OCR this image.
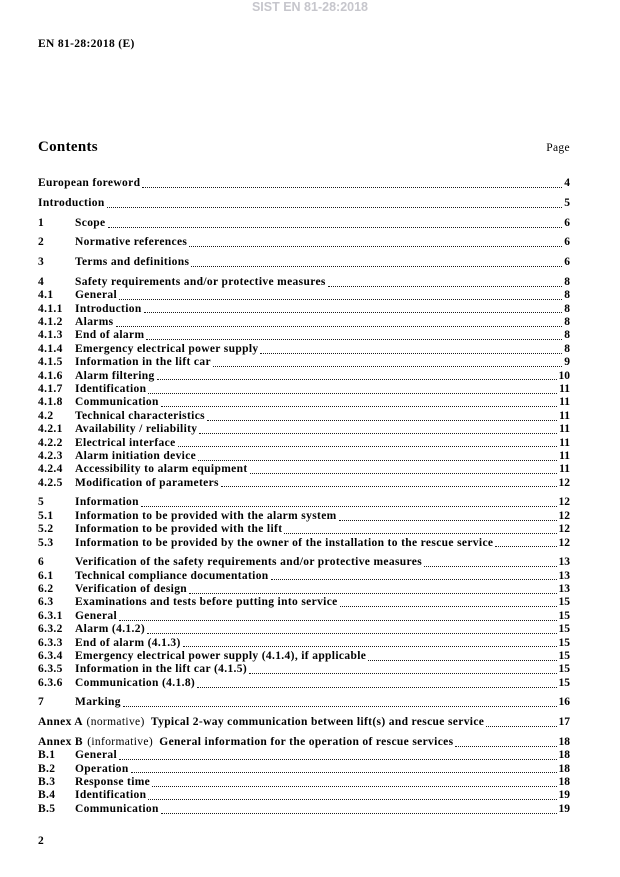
SIST EN 81-28:2018
EN 81-28:2018 (E)
Contents	Page
European foreword	4
Introduction	5
1	Scope	6
2	Normative references	6
3	Terms and definitions	6
4	Safety requirements and/or protective measures	8
4.1	General	8
4.1.1	Introduction	8
4.1.2	Alarms	8
4.1.3	End of alarm	8
4.1.4	Emergency electrical power supply	8
4.1.5	Information in the lift car	9
4.1.6	Alarm filtering	10
4.1.7	Identification	11
4.1.8	Communication	11
4.2	Technical characteristics	11
4.2.1	Availability / reliability	11
4.2.2	Electrical interface	11
4.2.3	Alarm initiation device	11
4.2.4	Accessibility to alarm equipment	11
4.2.5	Modification of parameters	12
5	Information	12
5.1	Information to be provided with the alarm system	12
5.2	Information to be provided with the lift	12
5.3	Information to be provided by the owner of the installation to the rescue service	12
6	Verification of the safety requirements and/or protective measures	13
6.1	Technical compliance documentation	13
6.2	Verification of design	13
6.3	Examinations and tests before putting into service	15
6.3.1	General	15
6.3.2	Alarm (4.1.2)	15
6.3.3	End of alarm (4.1.3)	15
6.3.4	Emergency electrical power supply (4.1.4), if applicable	15
6.3.5	Information in the lift car (4.1.5)	15
6.3.6	Communication (4.1.8)	15
7	Marking	16
Annex A (normative) Typical 2-way communication between lift(s) and rescue service	17
Annex B (informative) General information for the operation of rescue services	18
B.1	General	18
B.2	Operation	18
B.3	Response time	18
B.4	Identification	19
B.5	Communication	19
2
